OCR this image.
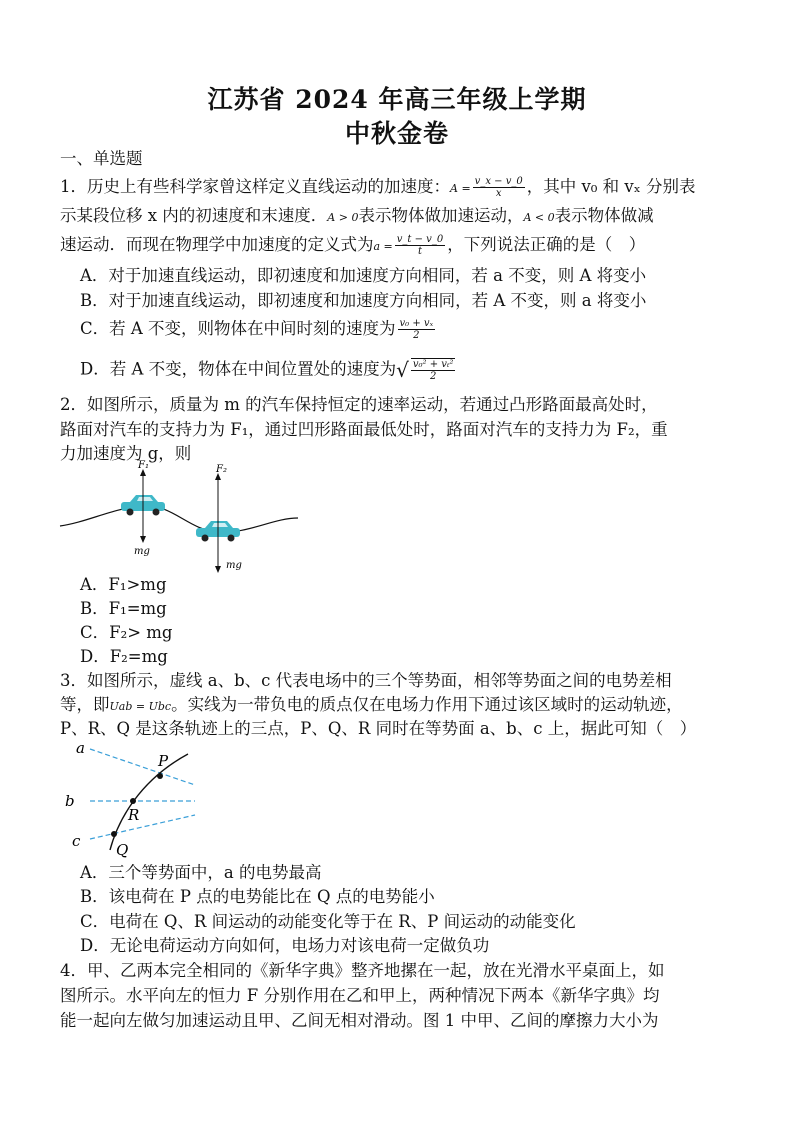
江苏省 2024 年高三年级上学期
中秋金卷
一、单选题
1．历史上有些科学家曾这样定义直线运动的加速度：$A = \frac{v\_x - v\_0}{x}$ ，其中 v₀ 和 vₓ 分别表
示某段位移 x 内的初速度和末速度．A > 0表示物体做加速运动，A < 0表示物体做减
速运动．而现在物理学中加速度的定义式为$a = \frac{v\_t - v\_0}{t}$ ，下列说法正确的是（　）
A．对于加速直线运动，即初速度和加速度方向相同，若 a 不变，则 A 将变小
B．对于加速直线运动，即初速度和加速度方向相同，若 A 不变，则 a 将变小
C．若 A 不变，则物体在中间时刻的速度为 $\frac{\text{v₀ + vₓ}}{2}$
D．若 A 不变，物体在中间位置处的速度为√ $\frac{\text{v₀² + vₜ²}}{2}$
2．如图所示，质量为 m 的汽车保持恒定的速率运动，若通过凸形路面最高处时，
路面对汽车的支持力为 F₁，通过凹形路面最低处时，路面对汽车的支持力为 F₂，重
力加速度为 g，则
F₁
mg
F₂
mg
A．F₁>mg
B．F₁=mg
C．F₂> mg
D．F₂=mg
3．如图所示，虚线 a、b、c 代表电场中的三个等势面，相邻等势面之间的电势差相
等，即Uab = Ubc。实线为一带负电的质点仅在电场力作用下通过该区域时的运动轨迹，
P、R、Q 是这条轨迹上的三点，P、Q、R 同时在等势面 a、b、c 上，据此可知（　）
a
b
c
P
R
Q
A．三个等势面中，a 的电势最高
B．该电荷在 P 点的电势能比在 Q 点的电势能小
C．电荷在 Q、R 间运动的动能变化等于在 R、P 间运动的动能变化
D．无论电荷运动方向如何，电场力对该电荷一定做负功
4．甲、乙两本完全相同的《新华字典》整齐地摞在一起，放在光滑水平桌面上，如
图所示。水平向左的恒力 F 分别作用在乙和甲上，两种情况下两本《新华字典》均
能一起向左做匀加速运动且甲、乙间无相对滑动。图 1 中甲、乙间的摩擦力大小为
